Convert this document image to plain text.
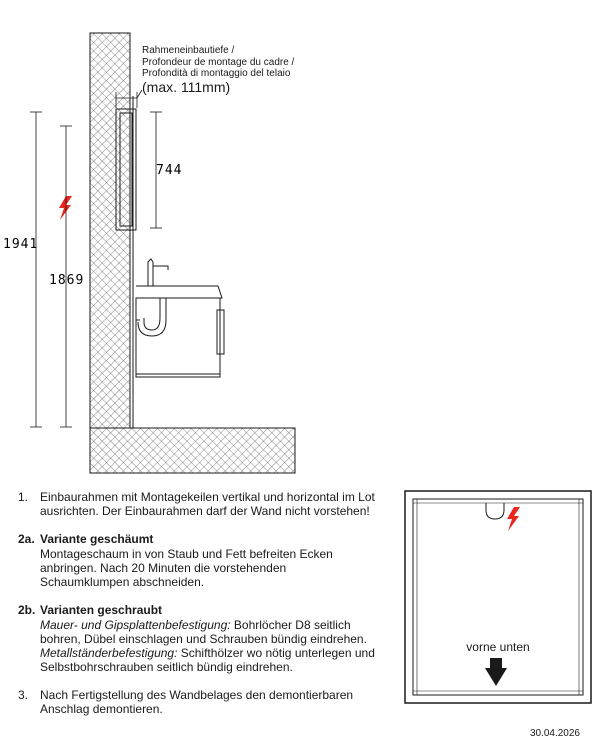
1941
1869
744
Rahmeneinbautiefe /
Profondeur de montage du cadre /
Profondità di montaggio del telaio
(max. 111mm)
1. Einbaurahmen mit Montagekeilen vertikal und horizontal im Lot
ausrichten. Der Einbaurahmen darf der Wand nicht vorstehen!
2a. Variante geschäumt
Montageschaum in von Staub und Fett befreiten Ecken
anbringen. Nach 20 Minuten die vorstehenden
Schaumklumpen abschneiden.
2b. Varianten geschraubt
Mauer- und Gipsplattenbefestigung: Bohrlöcher D8 seitlich
bohren, Dübel einschlagen und Schrauben bündig eindrehen.
Metallständerbefestigung: Schifthölzer wo nötig unterlegen und
Selbstbohrschrauben seitlich bündig eindrehen.
3. Nach Fertigstellung des Wandbelages den demontierbaren
Anschlag demontieren.
vorne unten
30.04.2026
